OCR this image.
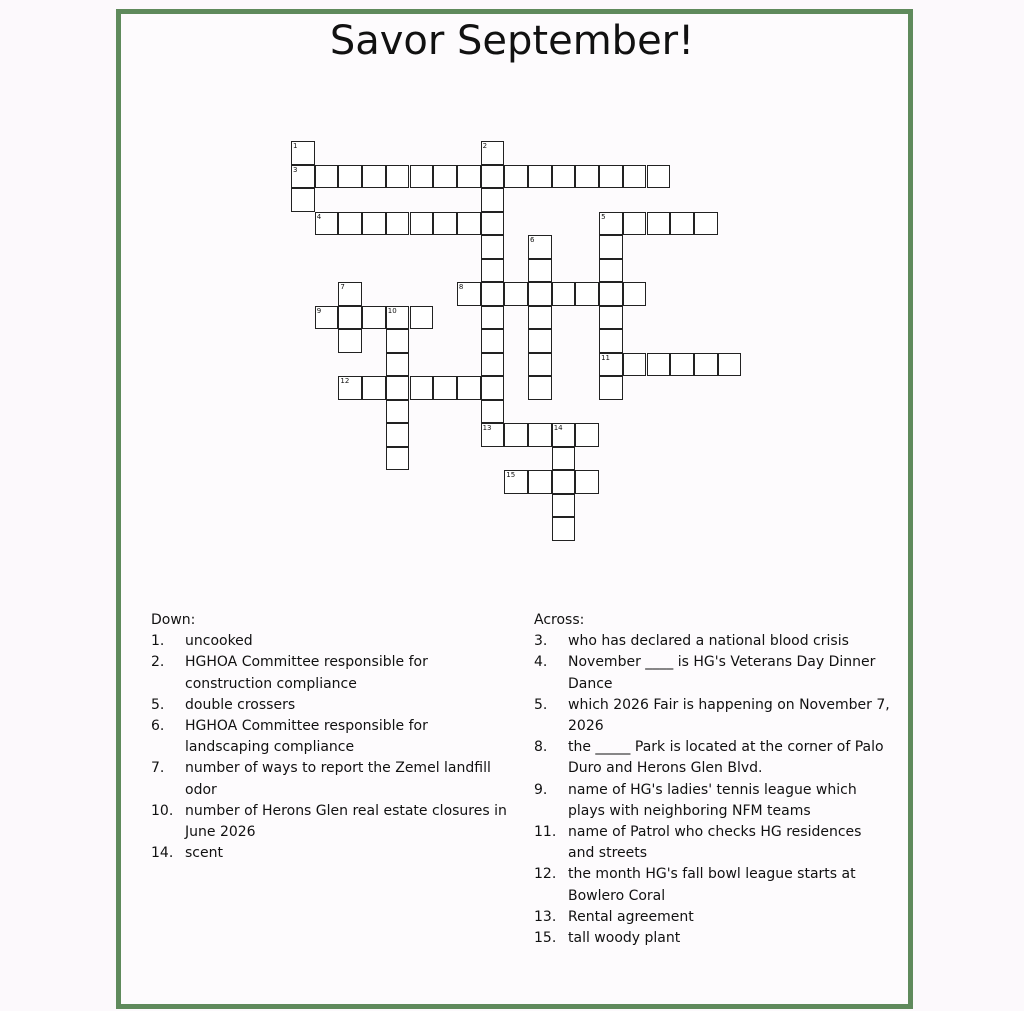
Savor September!
1
3
2
13
4	5
11
6
7	8
9	10
12
14
15
Down:
1.	uncooked
2.	HGHOA Committee responsible for construction compliance
5.	double crossers
6.	HGHOA Committee responsible for landscaping compliance
7.	number of ways to report the Zemel landfill odor
10. number of Herons Glen real estate closures in June 2026
14. scent
Across:
3.	who has declared a national blood crisis
4.	November ____ is HG's Veterans Day Dinner Dance
5.	which 2026 Fair is happening on November 7, 2026
8.	the _____ Park is located at the corner of Palo Duro and Herons Glen Blvd.
9.	name of HG's ladies' tennis league which plays with neighboring NFM teams
11. name of Patrol who checks HG residences and streets
12. the month HG's fall bowl league starts at Bowlero Coral
13. Rental agreement
15. tall woody plant
